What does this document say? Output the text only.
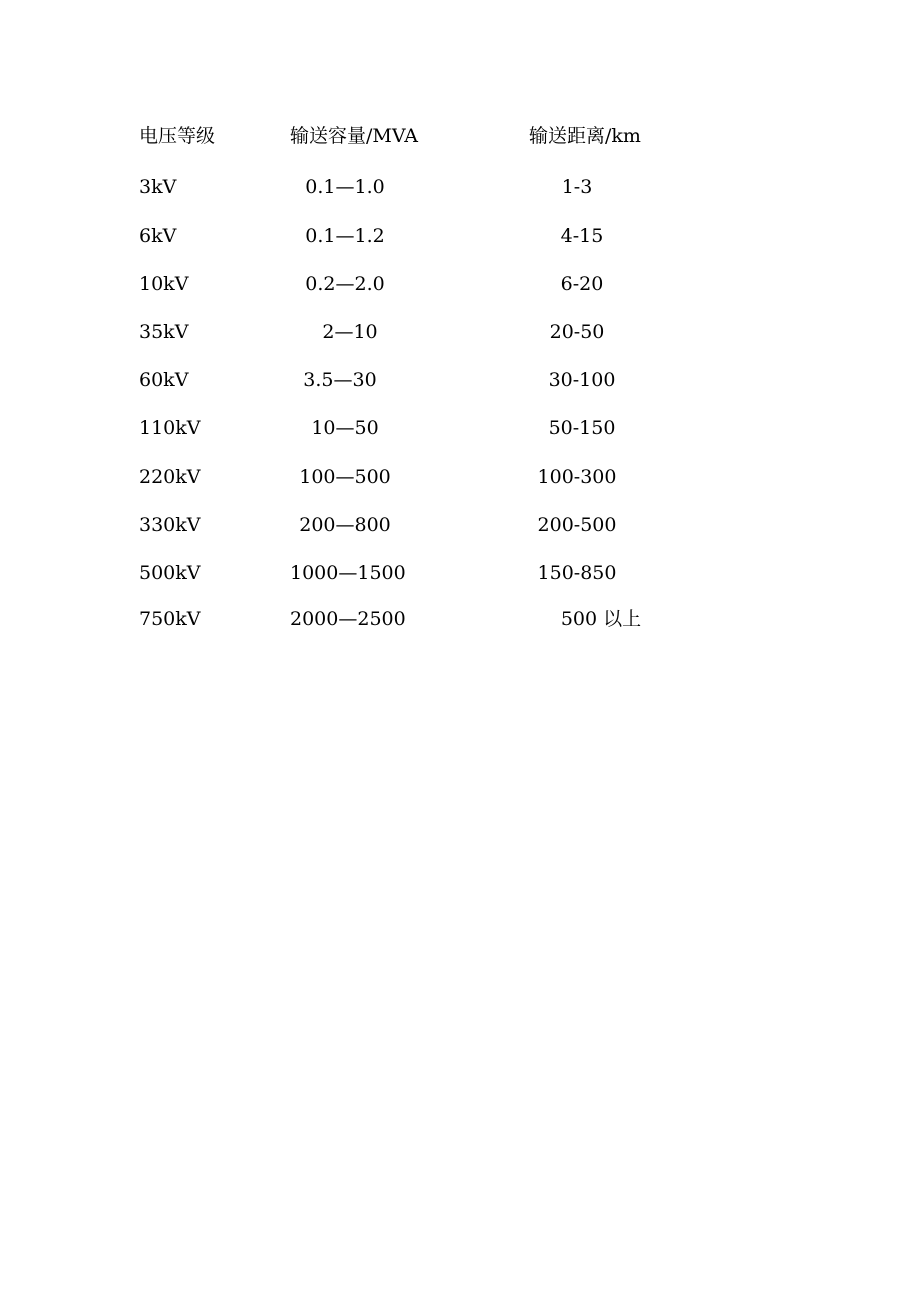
电压等级	输送容量/MVA	输送距离/km
3kV	0.1—1.0	1-3
6kV	0.1—1.2	4-15
10kV	0.2—2.0	6-20
35kV	2—10	20-50
60kV	3.5—30	30-100
110kV	10—50	50-150
220kV	100—500	100-300
330kV	200—800	200-500
500kV	1000—1500	150-850
750kV	2000—2500	500 以上
